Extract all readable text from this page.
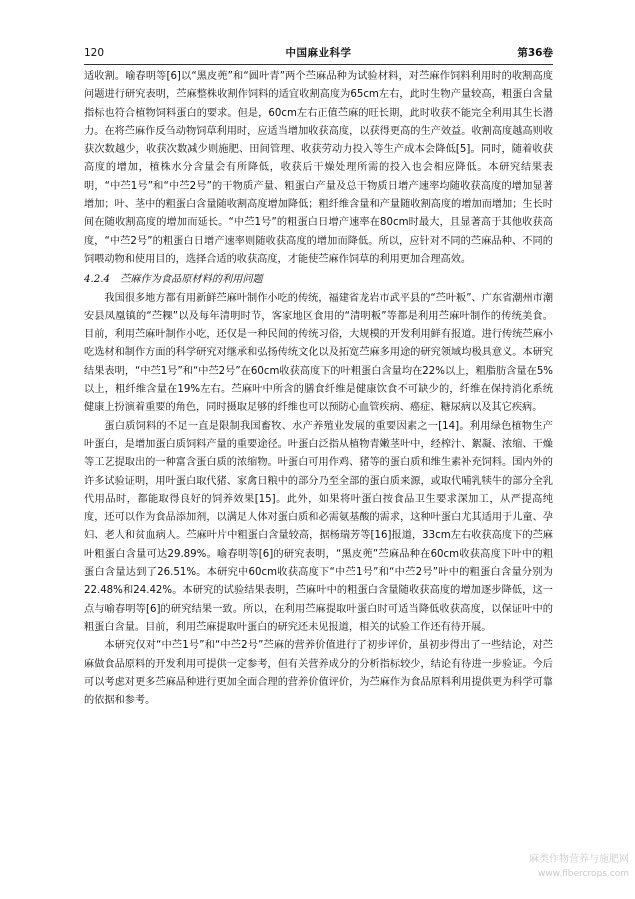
120	中国麻业科学	第36卷

适收割。喻春明等[6]以“黑皮蔸”和“圆叶青”两个苎麻品种为试验材料，对苎麻作饲料利用时的收割高度问题进行研究表明，苎麻整株收割作饲料的适宜收割高度为65cm左右，此时生物产量较高，粗蛋白含量指标也符合植物饲料蛋白的要求。但是，60cm左右正值苎麻的旺长期，此时收获不能完全利用其生长潜力。在将苎麻作反刍动物饲草利用时，应适当增加收获高度，以获得更高的生产效益。收割高度越高则收获次数越少，收获次数减少则施肥、田间管理、收获劳动力投入等生产成本会降低[5]。同时，随着收获高度的增加，植株水分含量会有所降低，收获后干燥处理所需的投入也会相应降低。本研究结果表明，“中苎1号”和“中苎2号”的干物质产量、粗蛋白产量及总干物质日增产速率均随收获高度的增加显著增加；叶、茎中的粗蛋白含量随收割高度增加降低；粗纤维含量和产量随收割高度的增加而增加；生长时间在随收割高度的增加而延长。“中苎1号”的粗蛋白日增产速率在80cm时最大，且显著高于其他收获高度，“中苎2号”的粗蛋白日增产速率则随收获高度的增加而降低。所以，应针对不同的苎麻品种、不同的饲喂动物和使用目的，选择合适的收获高度，才能使苎麻作饲草的利用更加合理高效。

4.2.4　苎麻作为食品原材料的利用问题

我国很多地方都有用新鲜苎麻叶制作小吃的传统，福建省龙岩市武平县的“苎叶粄”、广东省潮州市潮安县凤凰镇的“苎粿”以及每年清明时节，客家地区食用的“清明粄”等都是利用苎麻叶制作的传统美食。目前，利用苎麻叶制作小吃，还仅是一种民间的传统习俗，大规模的开发利用鲜有报道。进行传统苎麻小吃选材和制作方面的科学研究对继承和弘扬传统文化以及拓宽苎麻多用途的研究领域均极具意义。本研究结果表明，“中苎1号”和“中苎2号”在60cm收获高度下的叶粗蛋白含量均在22%以上，粗脂肪含量在5%以上，粗纤维含量在19%左右。苎麻叶中所含的膳食纤维是健康饮食不可缺少的，纤维在保持消化系统健康上扮演着重要的角色，同时摄取足够的纤维也可以预防心血管疾病、癌症、糖尿病以及其它疾病。

蛋白质饲料的不足一直是限制我国畜牧、水产养殖业发展的重要因素之一[14]。利用绿色植物生产叶蛋白，是增加蛋白质饲料产量的重要途径。叶蛋白泛指从植物青嫩茎叶中，经榨汁、絮凝、浓缩、干燥等工艺提取出的一种富含蛋白质的浓缩物。叶蛋白可用作鸡、猪等的蛋白质和维生素补充饲料。国内外的许多试验证明，用叶蛋白取代猪、家禽日粮中的部分乃至全部的蛋白质来源，或取代哺乳犊牛的部分全乳代用品时，都能取得良好的饲养效果[15]。此外，如果将叶蛋白按食品卫生要求深加工，从严提高纯度，还可以作为食品添加剂，以满足人体对蛋白质和必需氨基酸的需求，这种叶蛋白尤其适用于儿童、孕妇、老人和贫血病人。苎麻叶片中粗蛋白含量较高，据杨瑞芳等[16]报道，33cm左右收获高度下的苎麻叶粗蛋白含量可达29.89%。喻春明等[6]的研究表明，“黑皮蔸”苎麻品种在60cm收获高度下叶中的粗蛋白含量达到了26.51%。本研究中60cm收获高度下“中苎1号”和“中苎2号”叶中的粗蛋白含量分别为22.48%和24.42%。本研究的试验结果表明，苎麻叶中的粗蛋白含量随收获高度的增加逐步降低，这一点与喻春明等[6]的研究结果一致。所以，在利用苎麻提取叶蛋白时可适当降低收获高度，以保证叶中的粗蛋白含量。目前，利用苎麻提取叶蛋白的研究还未见报道，相关的试验工作还有待开展。

本研究仅对“中苎1号”和“中苎2号”苎麻的营养价值进行了初步评价，虽初步得出了一些结论，对苎麻做食品原料的开发利用可提供一定参考，但有关营养成分的分析指标较少，结论有待进一步验证。今后可以考虑对更多苎麻品种进行更加全面合理的营养价值评价，为苎麻作为食品原料利用提供更为科学可靠的依据和参考。

麻类作物营养与施肥网
www.fibercrops.com
